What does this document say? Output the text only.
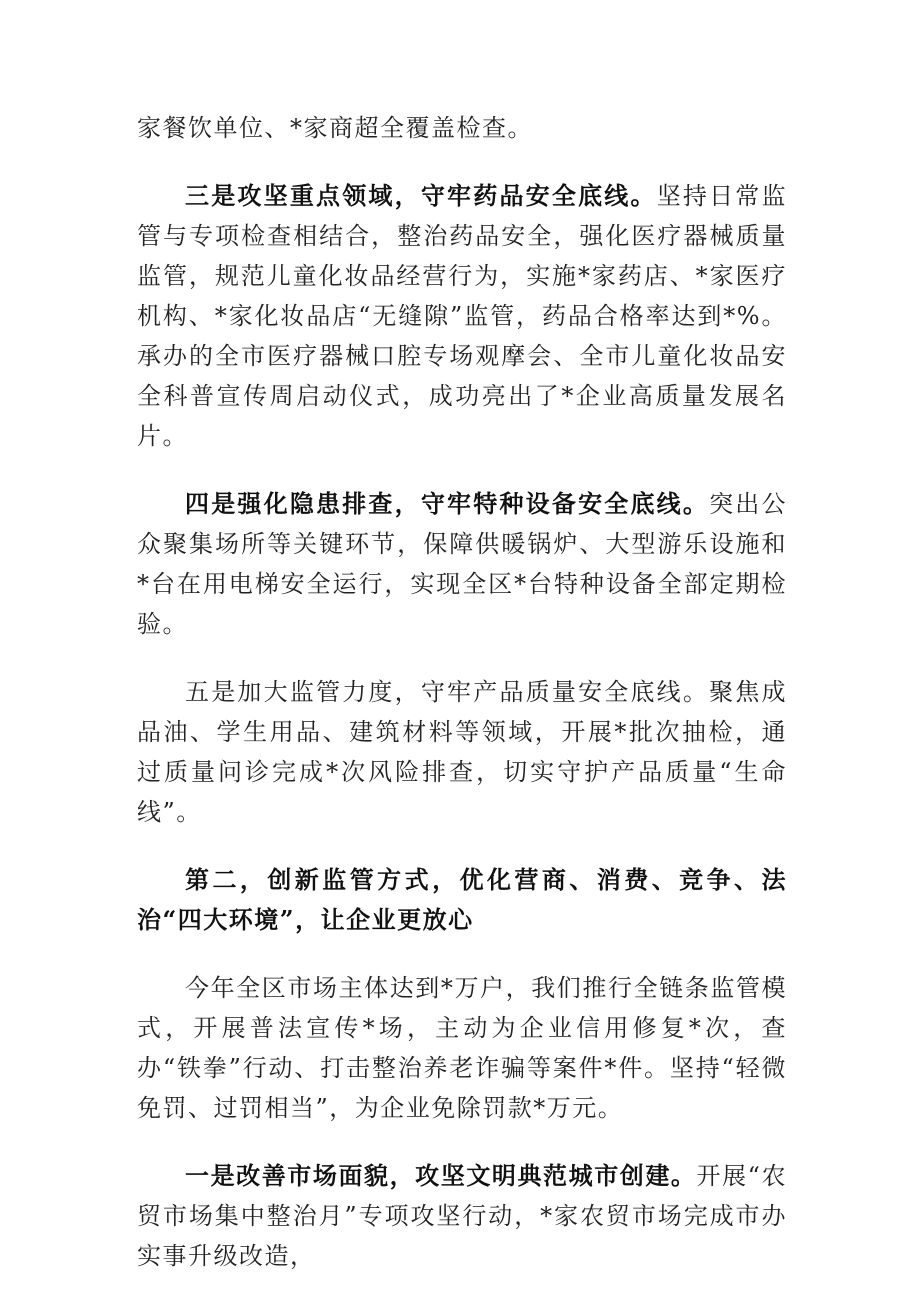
家餐饮单位、*家商超全覆盖检查。

三是攻坚重点领域，守牢药品安全底线。坚持日常监管与专项检查相结合，整治药品安全，强化医疗器械质量监管，规范儿童化妆品经营行为，实施*家药店、*家医疗机构、*家化妆品店“无缝隙”监管，药品合格率达到*%。承办的全市医疗器械口腔专场观摩会、全市儿童化妆品安全科普宣传周启动仪式，成功亮出了*企业高质量发展名片。

四是强化隐患排查，守牢特种设备安全底线。突出公众聚集场所等关键环节，保障供暖锅炉、大型游乐设施和*台在用电梯安全运行，实现全区*台特种设备全部定期检验。

五是加大监管力度，守牢产品质量安全底线。聚焦成品油、学生用品、建筑材料等领域，开展*批次抽检，通过质量问诊完成*次风险排查，切实守护产品质量“生命线”。

第二，创新监管方式，优化营商、消费、竞争、法治“四大环境”，让企业更放心

今年全区市场主体达到*万户，我们推行全链条监管模式，开展普法宣传*场，主动为企业信用修复*次，查办“铁拳”行动、打击整治养老诈骗等案件*件。坚持“轻微免罚、过罚相当”，为企业免除罚款*万元。

一是改善市场面貌，攻坚文明典范城市创建。开展“农贸市场集中整治月”专项攻坚行动，*家农贸市场完成市办实事升级改造，
